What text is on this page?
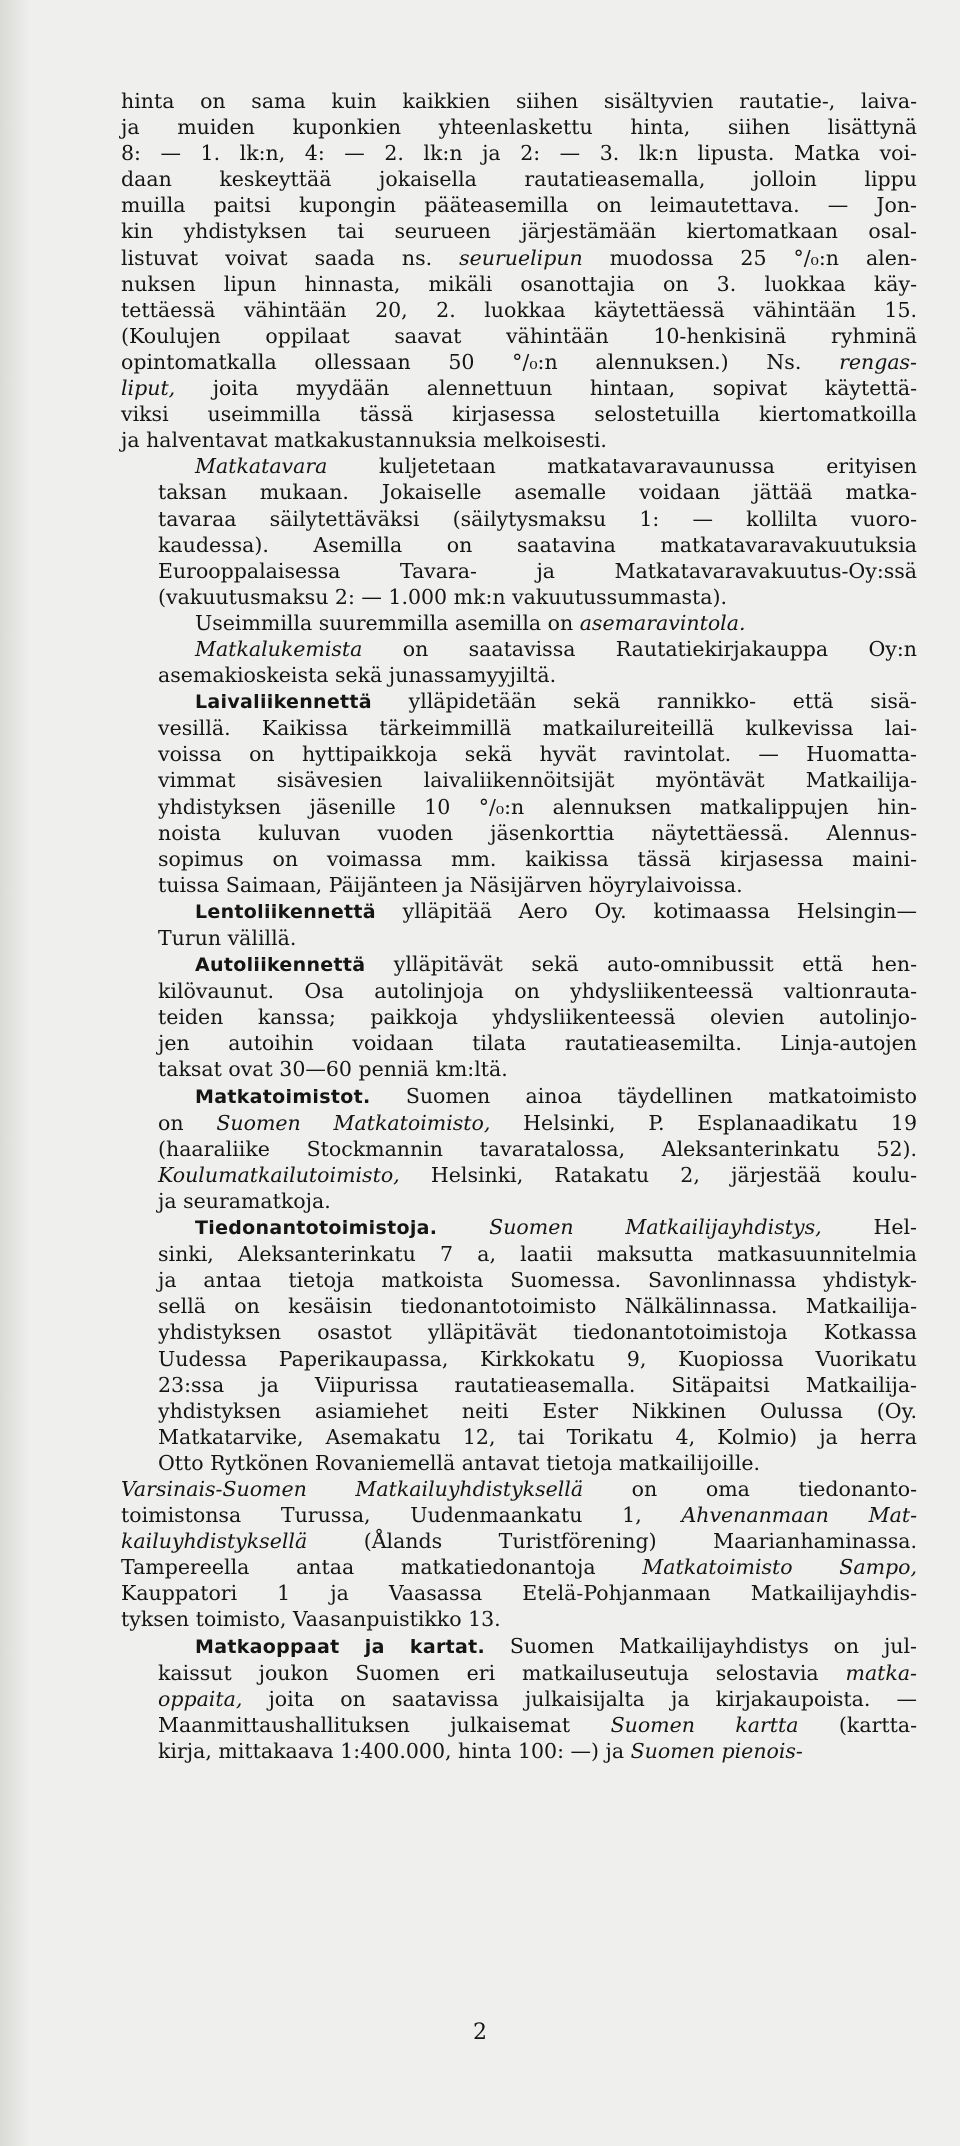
hinta on sama kuin kaikkien siihen sisältyvien rautatie-, laiva-
ja muiden kuponkien yhteenlaskettu hinta, siihen lisättynä
8: — 1. lk:n, 4: — 2. lk:n ja 2: — 3. lk:n lipusta. Matka voi-
daan keskeyttää jokaisella rautatieasemalla, jolloin lippu
muilla paitsi kupongin pääteasemilla on leimautettava. — Jon-
kin yhdistyksen tai seurueen järjestämään kiertomatkaan osal-
listuvat voivat saada ns. seuruelipun muodossa 25 °/₀:n alen-
nuksen lipun hinnasta, mikäli osanottajia on 3. luokkaa käy-
tettäessä vähintään 20, 2. luokkaa käytettäessä vähintään 15.
(Koulujen oppilaat saavat vähintään 10-henkisinä ryhminä
opintomatkalla ollessaan 50 °/₀:n alennuksen.) Ns. rengas-
liput, joita myydään alennettuun hintaan, sopivat käytettä-
viksi useimmilla tässä kirjasessa selostetuilla kiertomatkoilla
ja halventavat matkakustannuksia melkoisesti.
Matkatavara kuljetetaan matkatavaravaunussa erityisen
taksan mukaan. Jokaiselle asemalle voidaan jättää matka-
tavaraa säilytettäväksi (säilytysmaksu 1: — kollilta vuoro-
kaudessa). Asemilla on saatavina matkatavaravakuutuksia
Eurooppalaisessa Tavara- ja Matkatavaravakuutus-Oy:ssä
(vakuutusmaksu 2: — 1.000 mk:n vakuutussummasta).
Useimmilla suuremmilla asemilla on asemaravintola.
Matkalukemista on saatavissa Rautatiekirjakauppa Oy:n
asemakioskeista sekä junassamyyjiltä.
Laivaliikennettä ylläpidetään sekä rannikko- että sisä-
vesillä. Kaikissa tärkeimmillä matkailureiteillä kulkevissa lai-
voissa on hyttipaikkoja sekä hyvät ravintolat. — Huomatta-
vimmat sisävesien laivaliikennöitsijät myöntävät Matkailija-
yhdistyksen jäsenille 10 °/₀:n alennuksen matkalippujen hin-
noista kuluvan vuoden jäsenkorttia näytettäessä. Alennus-
sopimus on voimassa mm. kaikissa tässä kirjasessa maini-
tuissa Saimaan, Päijänteen ja Näsijärven höyrylaivoissa.
Lentoliikennettä ylläpitää Aero Oy. kotimaassa Helsingin—
Turun välillä.
Autoliikennettä ylläpitävät sekä auto-omnibussit että hen-
kilövaunut. Osa autolinjoja on yhdysliikenteessä valtionrauta-
teiden kanssa; paikkoja yhdysliikenteessä olevien autolinjo-
jen autoihin voidaan tilata rautatieasemilta. Linja-autojen
taksat ovat 30—60 penniä km:ltä.
Matkatoimistot. Suomen ainoa täydellinen matkatoimisto
on Suomen Matkatoimisto, Helsinki, P. Esplanaadikatu 19
(haaraliike Stockmannin tavaratalossa, Aleksanterinkatu 52).
Koulumatkailutoimisto, Helsinki, Ratakatu 2, järjestää koulu-
ja seuramatkoja.
Tiedonantotoimistoja.	Suomen Matkailijayhdistys, Hel-
sinki, Aleksanterinkatu 7 a, laatii maksutta matkasuunnitelmia
ja antaa tietoja matkoista Suomessa. Savonlinnassa yhdistyk-
sellä on kesäisin tiedonantotoimisto Nälkälinnassa. Matkailija-
yhdistyksen osastot ylläpitävät tiedonantotoimistoja Kotkassa
Uudessa Paperikaupassa, Kirkkokatu 9, Kuopiossa Vuorikatu
23:ssa ja Viipurissa rautatieasemalla. Sitäpaitsi Matkailija-
yhdistyksen asiamiehet neiti Ester Nikkinen Oulussa (Oy.
Matkatarvike, Asemakatu 12, tai Torikatu 4, Kolmio) ja herra
Otto Rytkönen Rovaniemellä antavat tietoja matkailijoille.
Varsinais-Suomen Matkailuyhdistyksellä on oma tiedonanto-
toimistonsa Turussa, Uudenmaankatu 1, Ahvenanmaan Mat-
kailuyhdistyksellä (Ålands Turistförening) Maarianhaminassa.
Tampereella antaa matkatiedonantoja Matkatoimisto Sampo,
Kauppatori 1 ja Vaasassa Etelä-Pohjanmaan Matkailijayhdis-
tyksen toimisto, Vaasanpuistikko 13.
Matkaoppaat ja kartat. Suomen Matkailijayhdistys on jul-
kaissut joukon Suomen eri matkailuseutuja selostavia matka-
oppaita, joita on saatavissa julkaisijalta ja kirjakaupoista. —
Maanmittaushallituksen julkaisemat Suomen kartta (kartta-
kirja, mittakaava 1:400.000, hinta 100: —) ja Suomen pienois-
2
